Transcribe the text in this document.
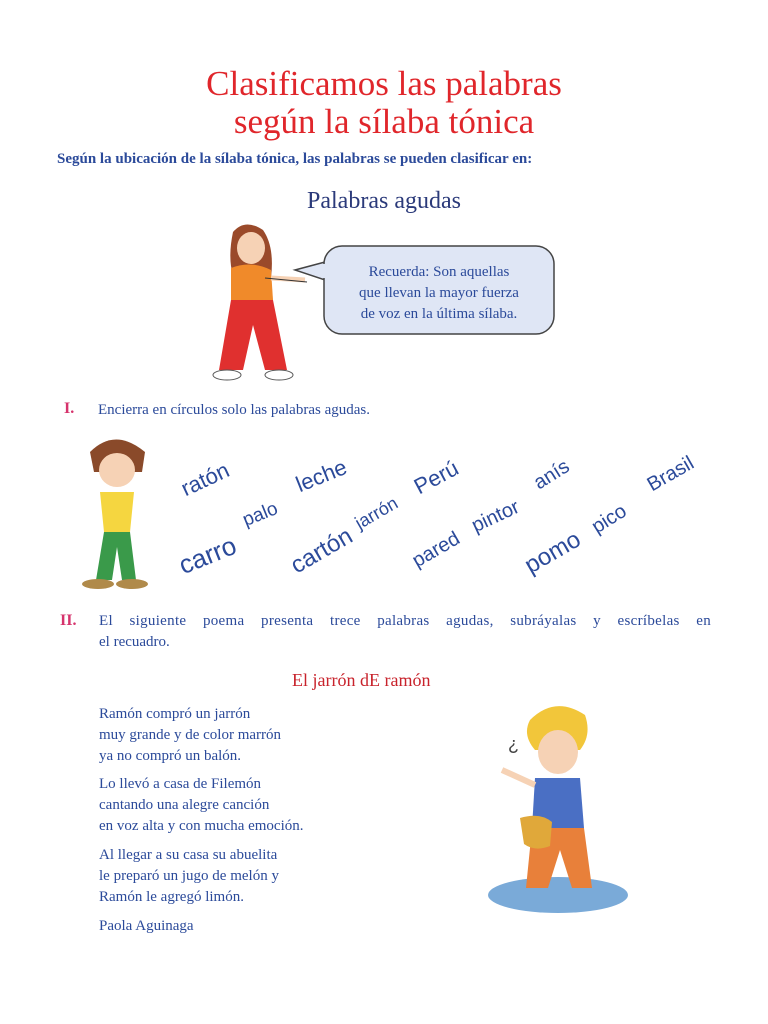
Clasificamos las palabras
según la sílaba tónica
Según la ubicación de la sílaba tónica, las palabras se pueden clasificar en:
Palabras agudas
Recuerda: Son aquellas
que llevan la mayor fuerza
de voz en la última sílaba.
I. Encierra en círculos solo las palabras agudas.
ratón
palo
leche
jarrón
Perú	anís	Brasil
carro cartón	pared
pintor
pomo
pico
II. El siguiente poema presenta trece palabras agudas, subráyalas y escríbelas en
el recuadro.
El jarrón dE ramón
Ramón compró un jarrón
muy grande y de color marrón
ya no compró un balón.
Lo llevó a casa de Filemón
cantando una alegre canción
en voz alta y con mucha emoción.
Al llegar a su casa su abuelita
le preparó un jugo de melón y
Ramón le agregó limón.
Paola Aguinaga
¿
